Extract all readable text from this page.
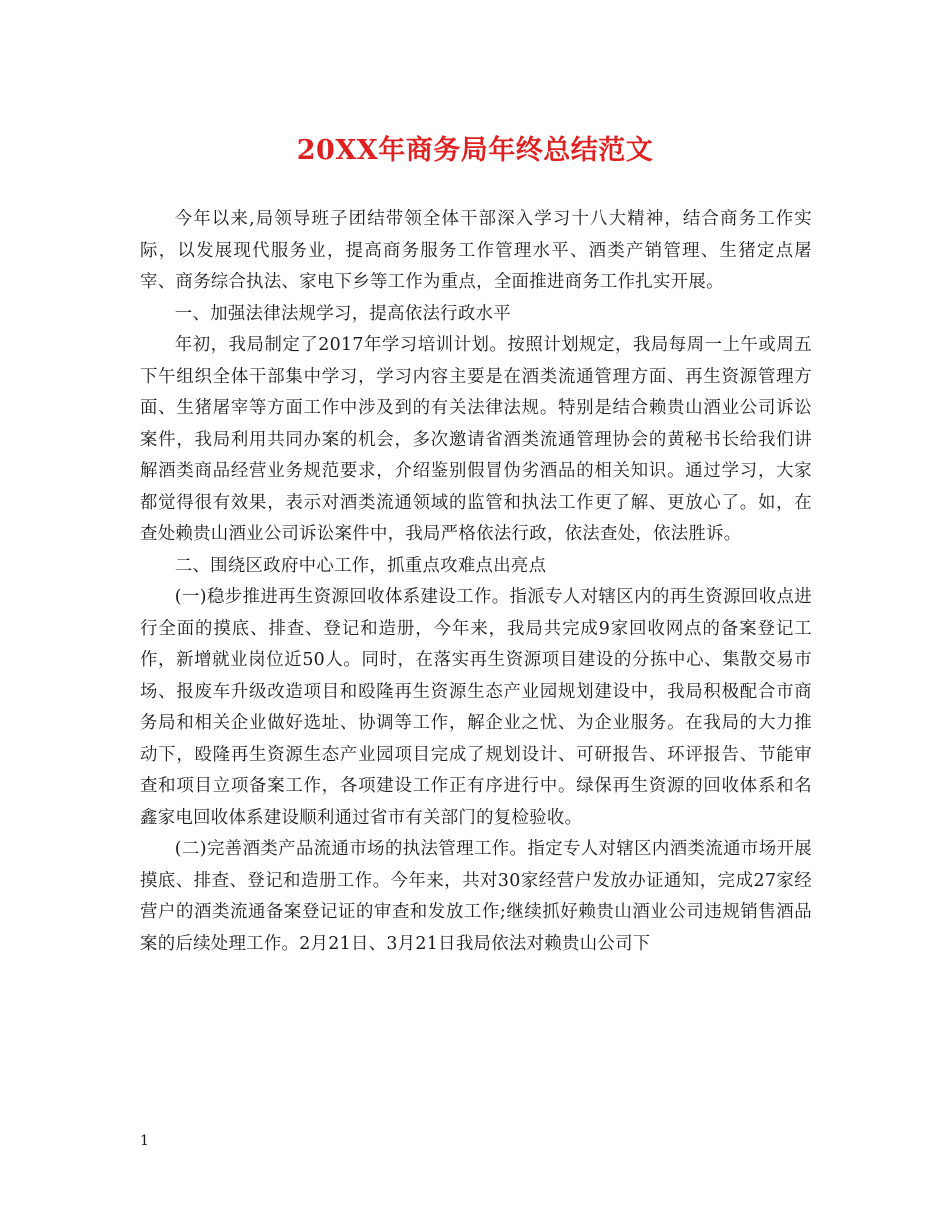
20XX年商务局年终总结范文

今年以来,局领导班子团结带领全体干部深入学习十八大精神，结合商务工作实际，以发展现代服务业，提高商务服务工作管理水平、酒类产销管理、生猪定点屠宰、商务综合执法、家电下乡等工作为重点，全面推进商务工作扎实开展。

一、加强法律法规学习，提高依法行政水平

年初，我局制定了2017年学习培训计划。按照计划规定，我局每周一上午或周五下午组织全体干部集中学习，学习内容主要是在酒类流通管理方面、再生资源管理方面、生猪屠宰等方面工作中涉及到的有关法律法规。特别是结合赖贵山酒业公司诉讼案件，我局利用共同办案的机会，多次邀请省酒类流通管理协会的黄秘书长给我们讲解酒类商品经营业务规范要求，介绍鉴别假冒伪劣酒品的相关知识。通过学习，大家都觉得很有效果，表示对酒类流通领域的监管和执法工作更了解、更放心了。如，在查处赖贵山酒业公司诉讼案件中，我局严格依法行政，依法查处，依法胜诉。

二、围绕区政府中心工作，抓重点攻难点出亮点

(一)稳步推进再生资源回收体系建设工作。指派专人对辖区内的再生资源回收点进行全面的摸底、排查、登记和造册，今年来，我局共完成9家回收网点的备案登记工作，新增就业岗位近50人。同时，在落实再生资源项目建设的分拣中心、集散交易市场、报废车升级改造项目和殴隆再生资源生态产业园规划建设中，我局积极配合市商务局和相关企业做好选址、协调等工作，解企业之忧、为企业服务。在我局的大力推动下，殴隆再生资源生态产业园项目完成了规划设计、可研报告、环评报告、节能审查和项目立项备案工作，各项建设工作正有序进行中。绿保再生资源的回收体系和名鑫家电回收体系建设顺利通过省市有关部门的复检验收。

(二)完善酒类产品流通市场的执法管理工作。指定专人对辖区内酒类流通市场开展摸底、排查、登记和造册工作。今年来，共对30家经营户发放办证通知，完成27家经营户的酒类流通备案登记证的审查和发放工作;继续抓好赖贵山酒业公司违规销售酒品案的后续处理工作。2月21日、3月21日我局依法对赖贵山公司下

1
